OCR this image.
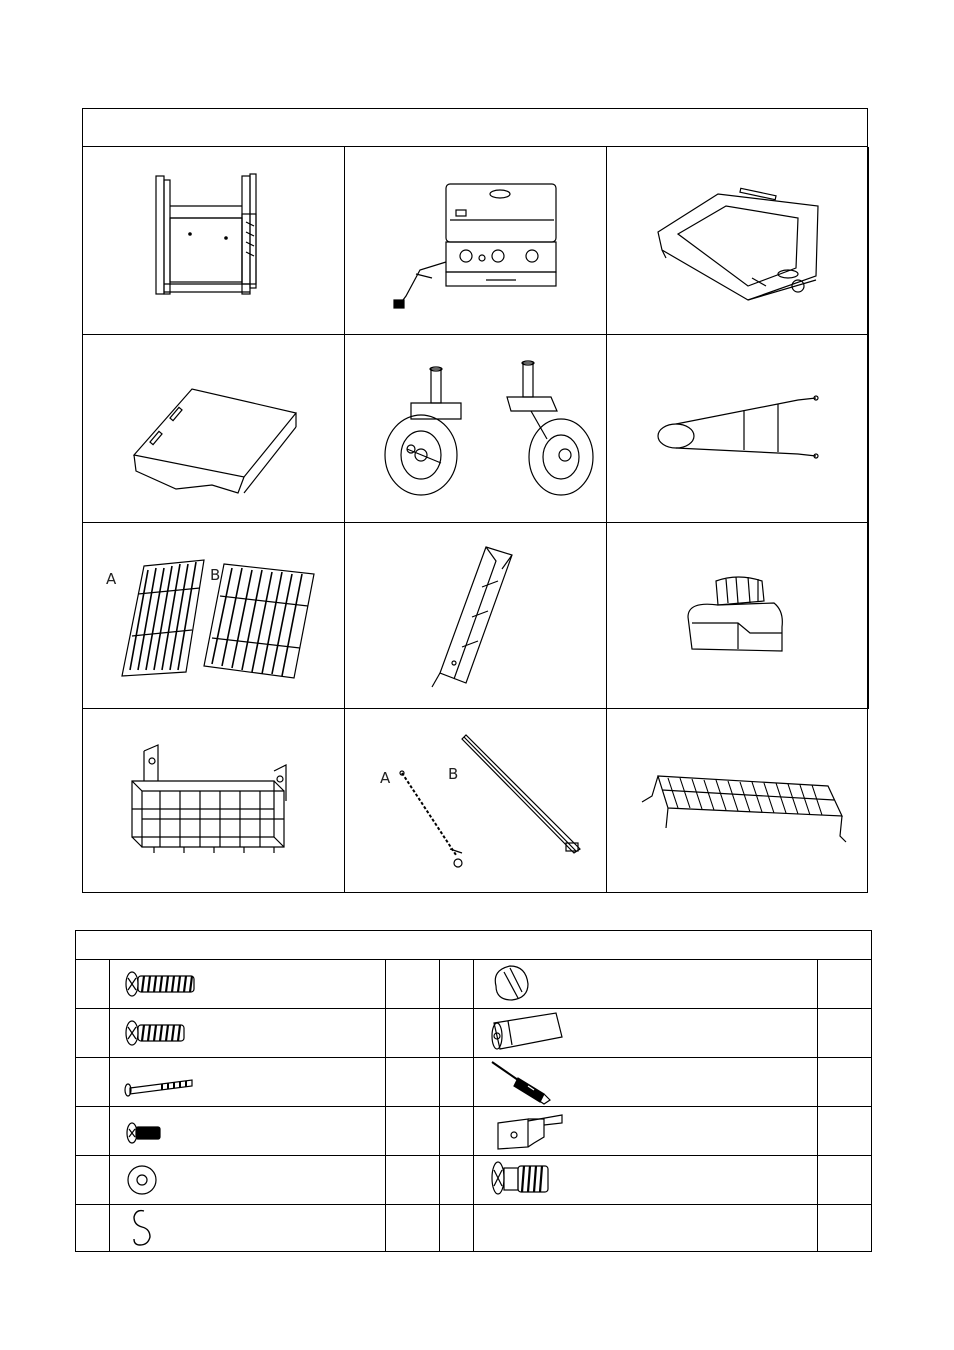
A	B
A	B
